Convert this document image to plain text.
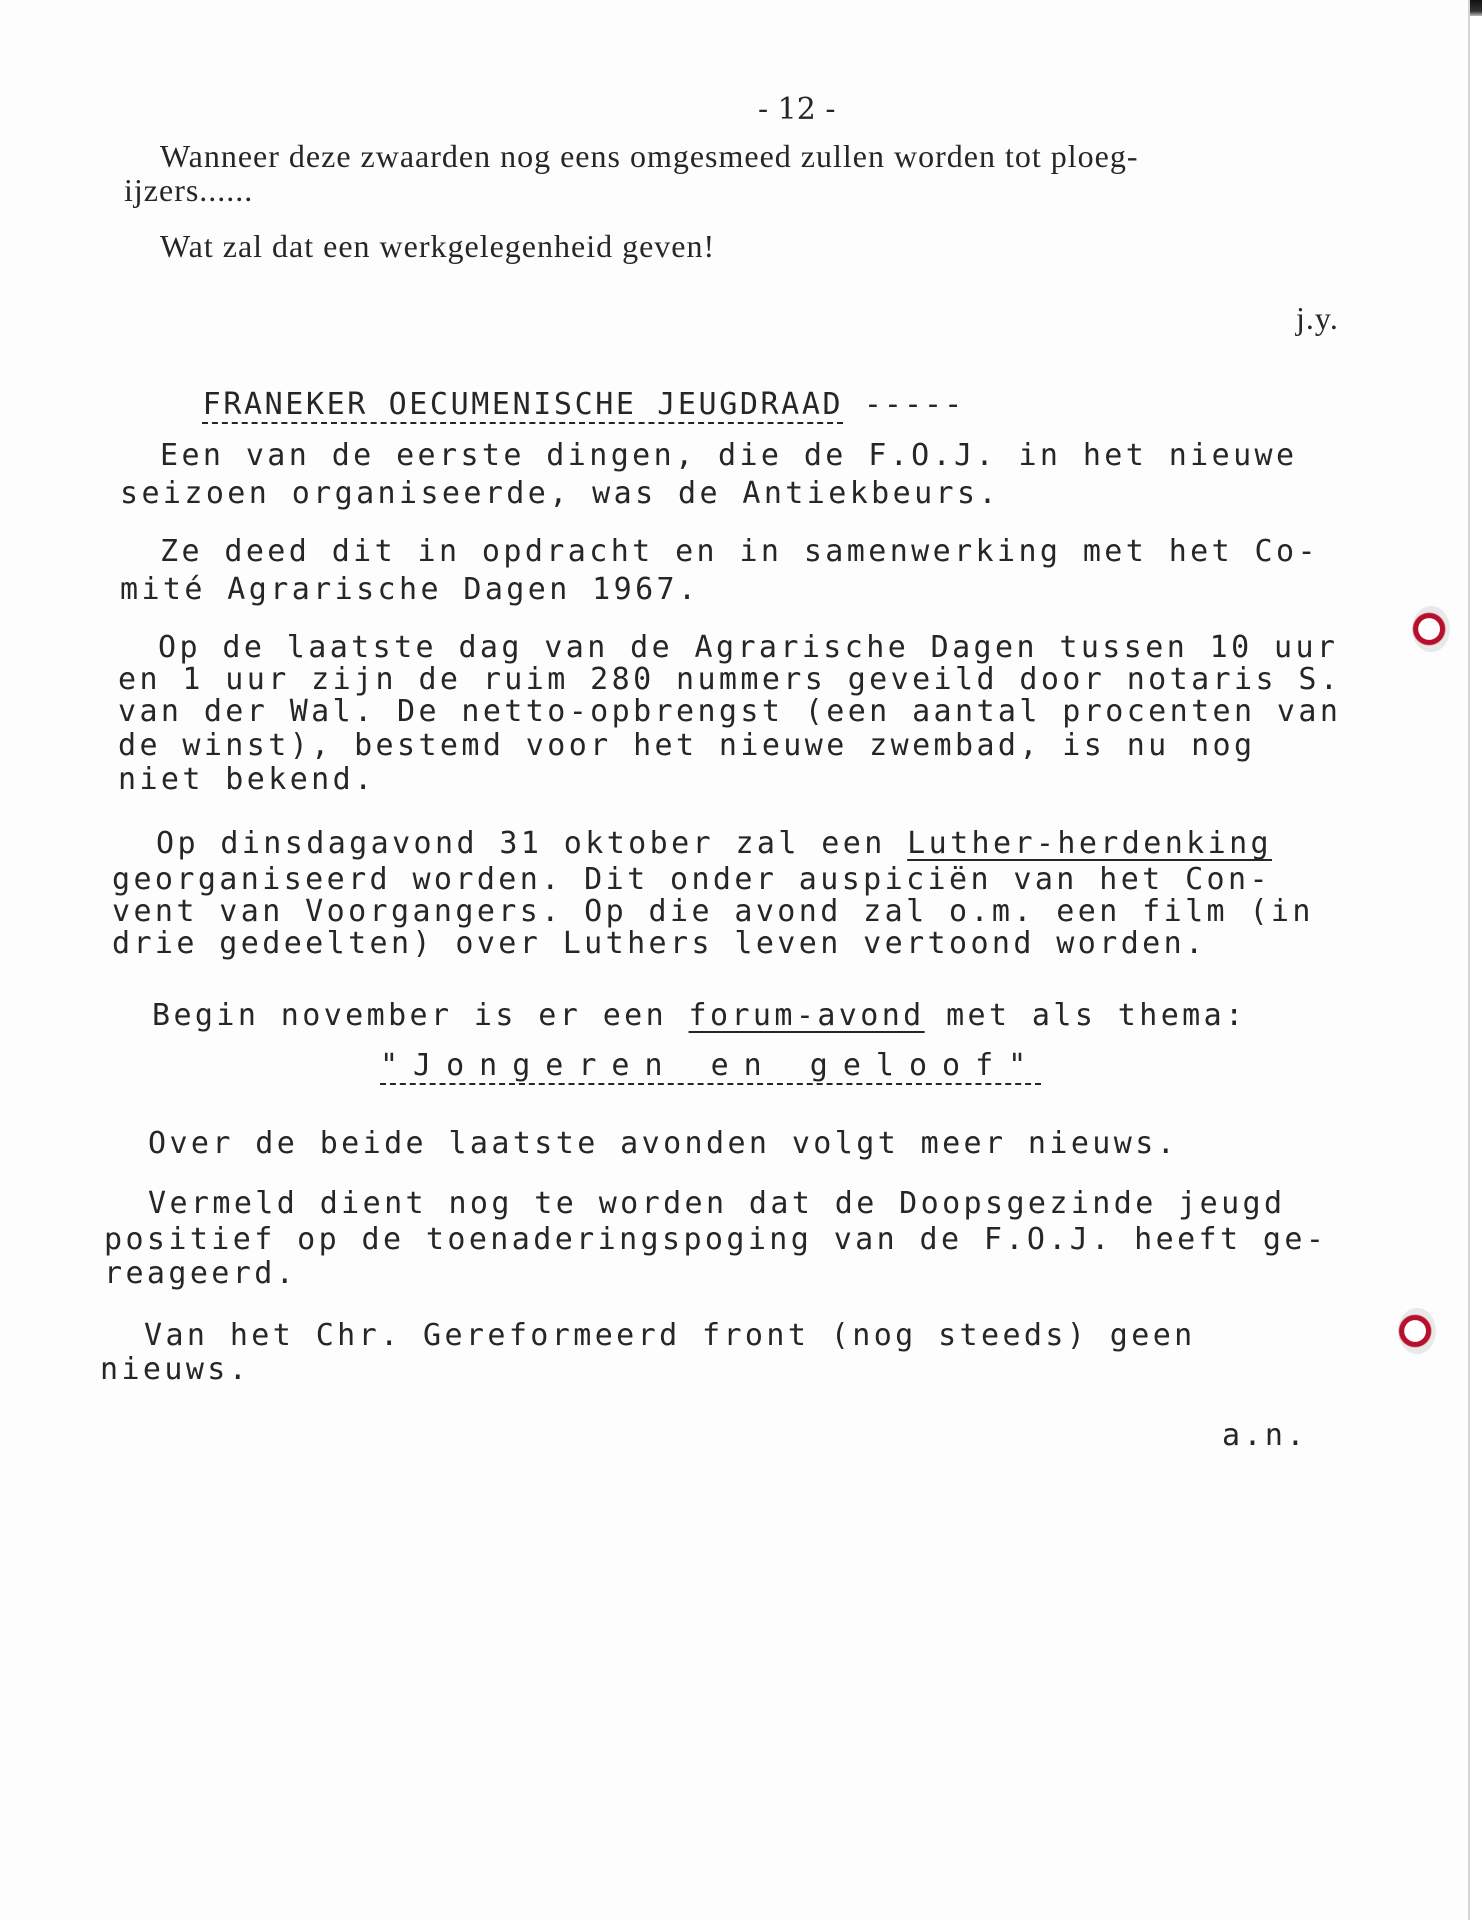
- 12 -
Wanneer deze zwaarden nog eens omgesmeed zullen worden tot ploeg-
ijzers......
Wat zal dat een werkgelegenheid geven!
j.y.

FRANEKER OECUMENISCHE JEUGDRAAD -----

Een van de eerste dingen, die de F.O.J. in het nieuwe
seizoen organiseerde, was de Antiekbeurs.
Ze deed dit in opdracht en in samenwerking met het Co-
mité Agrarische Dagen 1967.
Op de laatste dag van de Agrarische Dagen tussen 10 uur
en 1 uur zijn de ruim 280 nummers geveild door notaris S.
van der Wal. De netto-opbrengst (een aantal procenten van
de winst), bestemd voor het nieuwe zwembad, is nu nog
niet bekend.
Op dinsdagavond 31 oktober zal een Luther-herdenking
georganiseerd worden. Dit onder auspiciën van het Con-
vent van Voorgangers. Op die avond zal o.m. een film (in
drie gedeelten) over Luthers leven vertoond worden.
Begin november is er een forum-avond met als thema:
"Jongeren en geloof"
Over de beide laatste avonden volgt meer nieuws.
Vermeld dient nog te worden dat de Doopsgezinde jeugd
positief op de toenaderingspoging van de F.O.J. heeft ge-
reageerd.
Van het Chr. Gereformeerd front (nog steeds) geen
nieuws.
a.n.
